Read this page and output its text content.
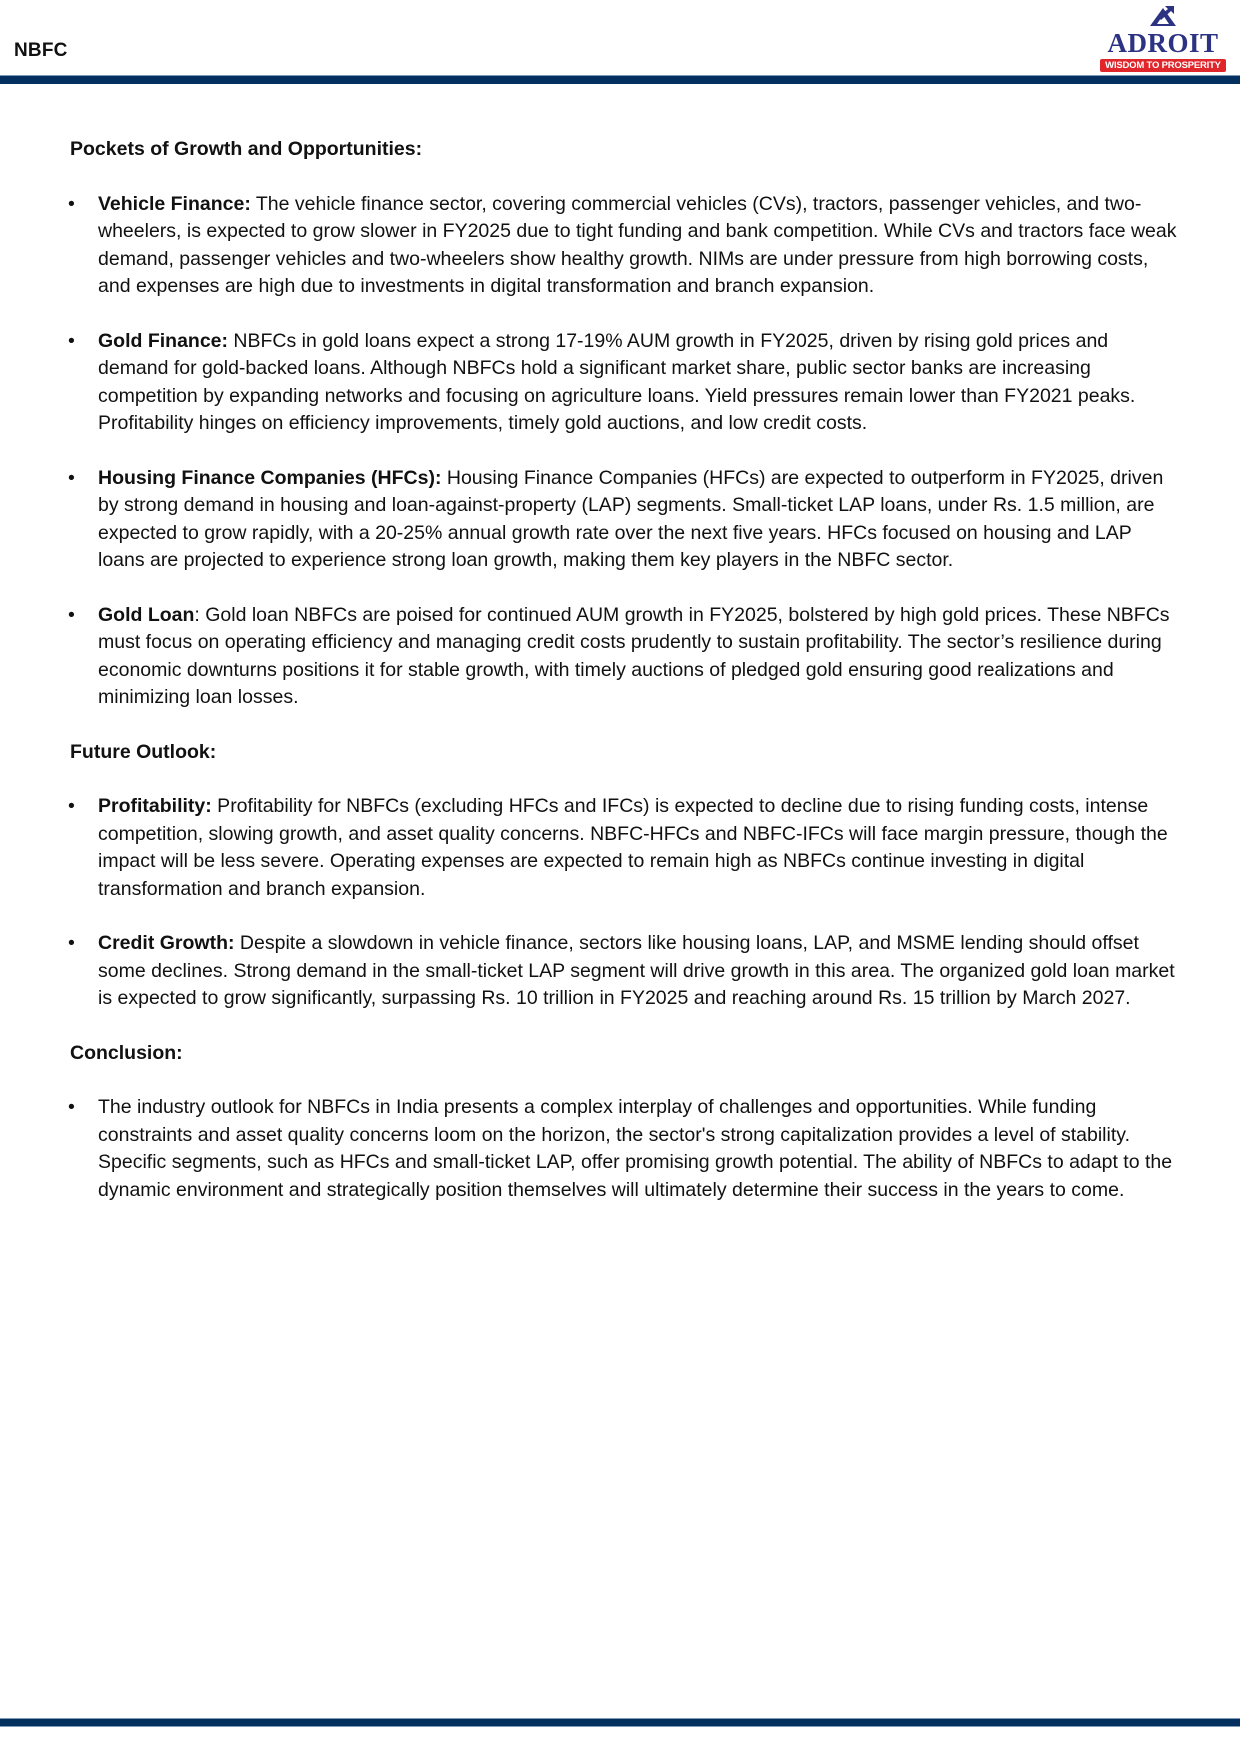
NBFC	ADROIT
WISDOM TO PROSPERITY
Pockets of Growth and Opportunities:
• Vehicle Finance: The vehicle finance sector, covering commercial vehicles (CVs), tractors, passenger vehicles, and two-wheelers, is expected to grow slower in FY2025 due to tight funding and bank competition. While CVs and tractors face weak demand, passenger vehicles and two-wheelers show healthy growth. NIMs are under pressure from high borrowing costs, and expenses are high due to investments in digital transformation and branch expansion.
• Gold Finance: NBFCs in gold loans expect a strong 17-19% AUM growth in FY2025, driven by rising gold prices and demand for gold-backed loans. Although NBFCs hold a significant market share, public sector banks are increasing competition by expanding networks and focusing on agriculture loans. Yield pressures remain lower than FY2021 peaks. Profitability hinges on efficiency improvements, timely gold auctions, and low credit costs.
• Housing Finance Companies (HFCs): Housing Finance Companies (HFCs) are expected to outperform in FY2025, driven by strong demand in housing and loan-against-property (LAP) segments. Small-ticket LAP loans, under Rs. 1.5 million, are expected to grow rapidly, with a 20-25% annual growth rate over the next five years. HFCs focused on housing and LAP loans are projected to experience strong loan growth, making them key players in the NBFC sector.
• Gold Loan: Gold loan NBFCs are poised for continued AUM growth in FY2025, bolstered by high gold prices. These NBFCs must focus on operating efficiency and managing credit costs prudently to sustain profitability. The sector’s resilience during economic downturns positions it for stable growth, with timely auctions of pledged gold ensuring good realizations and minimizing loan losses.
Future Outlook:
• Profitability: Profitability for NBFCs (excluding HFCs and IFCs) is expected to decline due to rising funding costs, intense competition, slowing growth, and asset quality concerns. NBFC-HFCs and NBFC-IFCs will face margin pressure, though the impact will be less severe. Operating expenses are expected to remain high as NBFCs continue investing in digital transformation and branch expansion.
• Credit Growth: Despite a slowdown in vehicle finance, sectors like housing loans, LAP, and MSME lending should offset some declines. Strong demand in the small-ticket LAP segment will drive growth in this area. The organized gold loan market is expected to grow significantly, surpassing Rs. 10 trillion in FY2025 and reaching around Rs. 15 trillion by March 2027.
Conclusion:
• The industry outlook for NBFCs in India presents a complex interplay of challenges and opportunities. While funding constraints and asset quality concerns loom on the horizon, the sector's strong capitalization provides a level of stability. Specific segments, such as HFCs and small-ticket LAP, offer promising growth potential. The ability of NBFCs to adapt to the dynamic environment and strategically position themselves will ultimately determine their success in the years to come.
